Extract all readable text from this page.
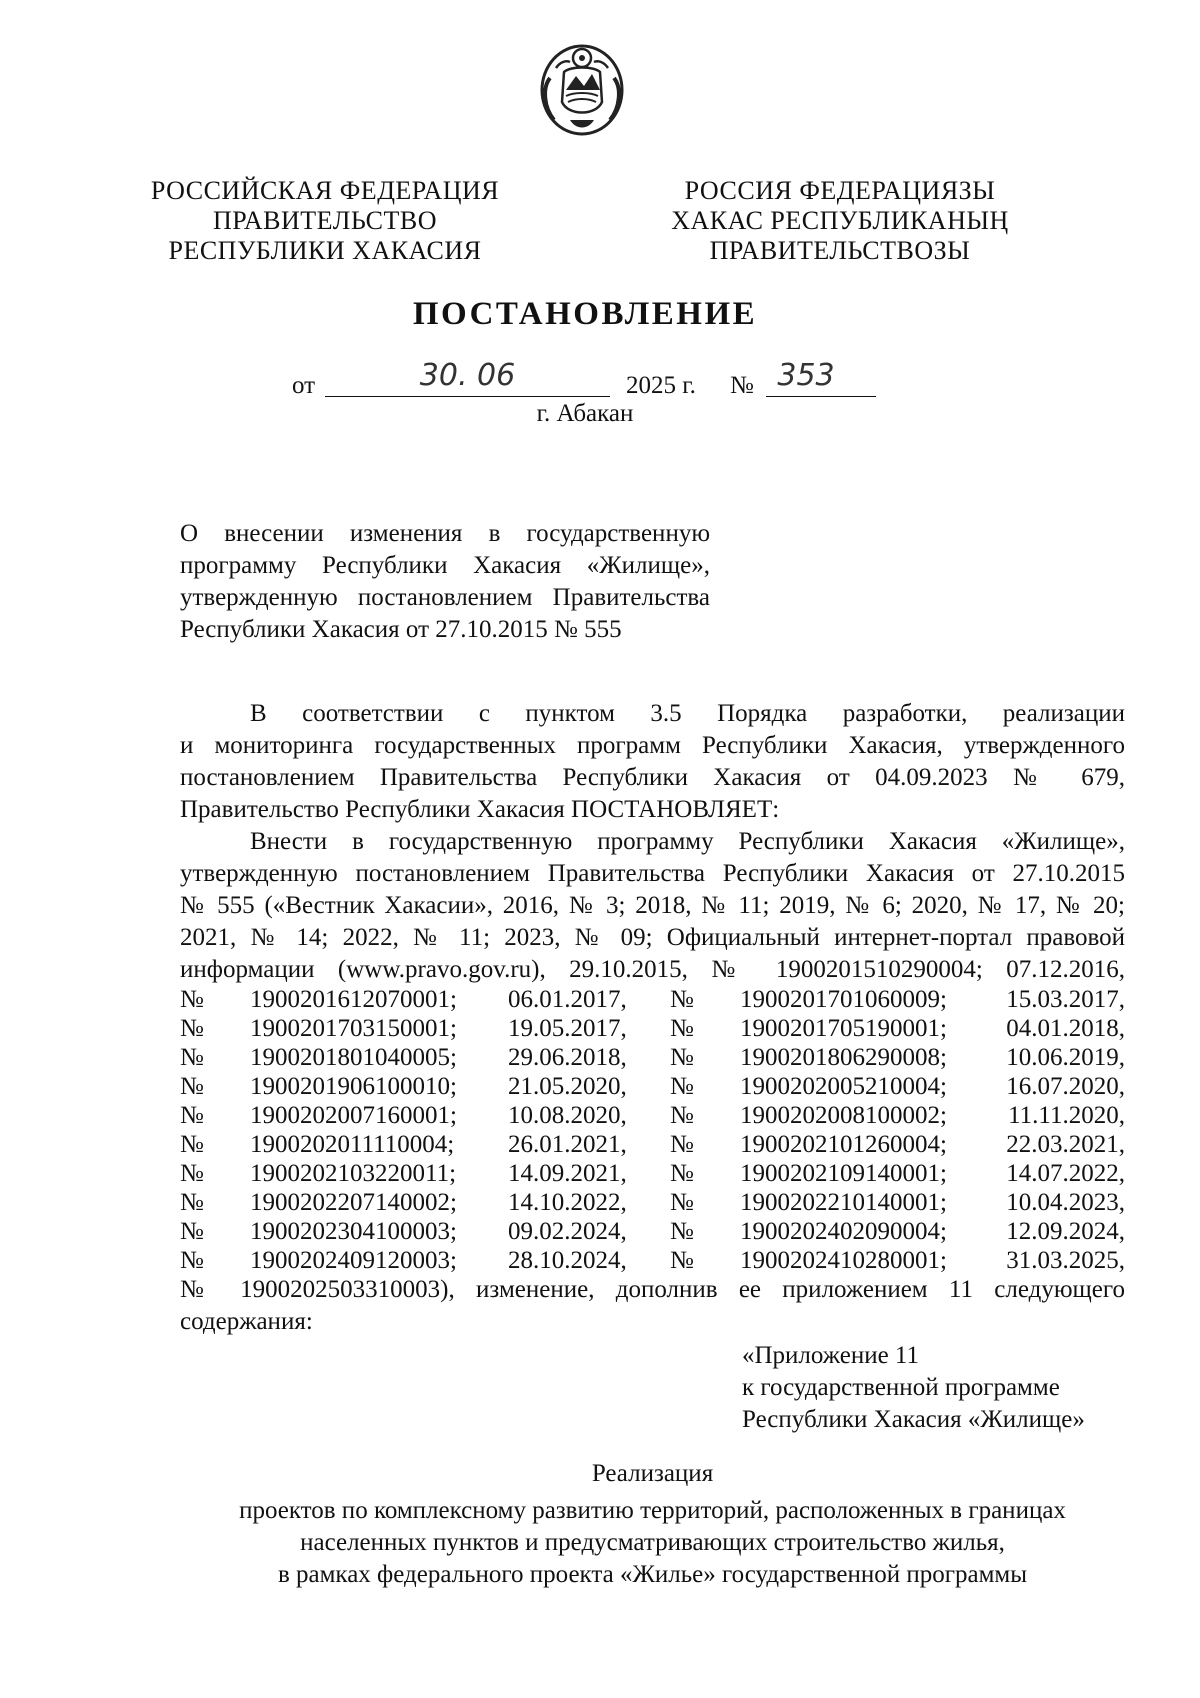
РОССИЙСКАЯ ФЕДЕРАЦИЯ
ПРАВИТЕЛЬСТВО
РЕСПУБЛИКИ ХАКАСИЯ
РОССИЯ ФЕДЕРАЦИЯЗЫ
ХАКАС РЕСПУБЛИКАНЫҢ
ПРАВИТЕЛЬСТВОЗЫ
ПОСТАНОВЛЕНИЕ
от	30. 06	2025 г. № 353
г. Абакан
О внесении изменения в государственную
программу Республики Хакасия «Жилище»,
утвержденную постановлением Правительства
Республики Хакасия от 27.10.2015 № 555
В соответствии с пунктом 3.5 Порядка разработки, реализации
и мониторинга государственных программ Республики Хакасия, утвержденного
постановлением Правительства Республики Хакасия от 04.09.2023 № 679,
Правительство Республики Хакасия ПОСТАНОВЛЯЕТ:
Внести в государственную программу Республики Хакасия «Жилище»,
утвержденную постановлением Правительства Республики Хакасия от 27.10.2015
№ 555 («Вестник Хакасии», 2016, № 3; 2018, № 11; 2019, № 6; 2020, № 17, № 20;
2021, № 14; 2022, № 11; 2023, № 09; Официальный интернет-портал правовой
информации (www.pravo.gov.ru), 29.10.2015, № 1900201510290004; 07.12.2016,
№ 1900201612070001; 06.01.2017, № 1900201701060009; 15.03.2017,
№ 1900201703150001; 19.05.2017, № 1900201705190001; 04.01.2018,
№ 1900201801040005; 29.06.2018, № 1900201806290008; 10.06.2019,
№ 1900201906100010; 21.05.2020, № 1900202005210004; 16.07.2020,
№ 1900202007160001; 10.08.2020, № 1900202008100002; 11.11.2020,
№ 1900202011110004; 26.01.2021, № 1900202101260004; 22.03.2021,
№ 1900202103220011; 14.09.2021, № 1900202109140001; 14.07.2022,
№ 1900202207140002; 14.10.2022, № 1900202210140001; 10.04.2023,
№ 1900202304100003; 09.02.2024, № 1900202402090004; 12.09.2024,
№ 1900202409120003; 28.10.2024, № 1900202410280001; 31.03.2025,
№ 1900202503310003), изменение, дополнив ее приложением 11 следующего
содержания:
«Приложение 11
к государственной программе
Республики Хакасия «Жилище»
Реализация
проектов по комплексному развитию территорий, расположенных в границах
населенных пунктов и предусматривающих строительство жилья,
в рамках федерального проекта «Жилье» государственной программы
